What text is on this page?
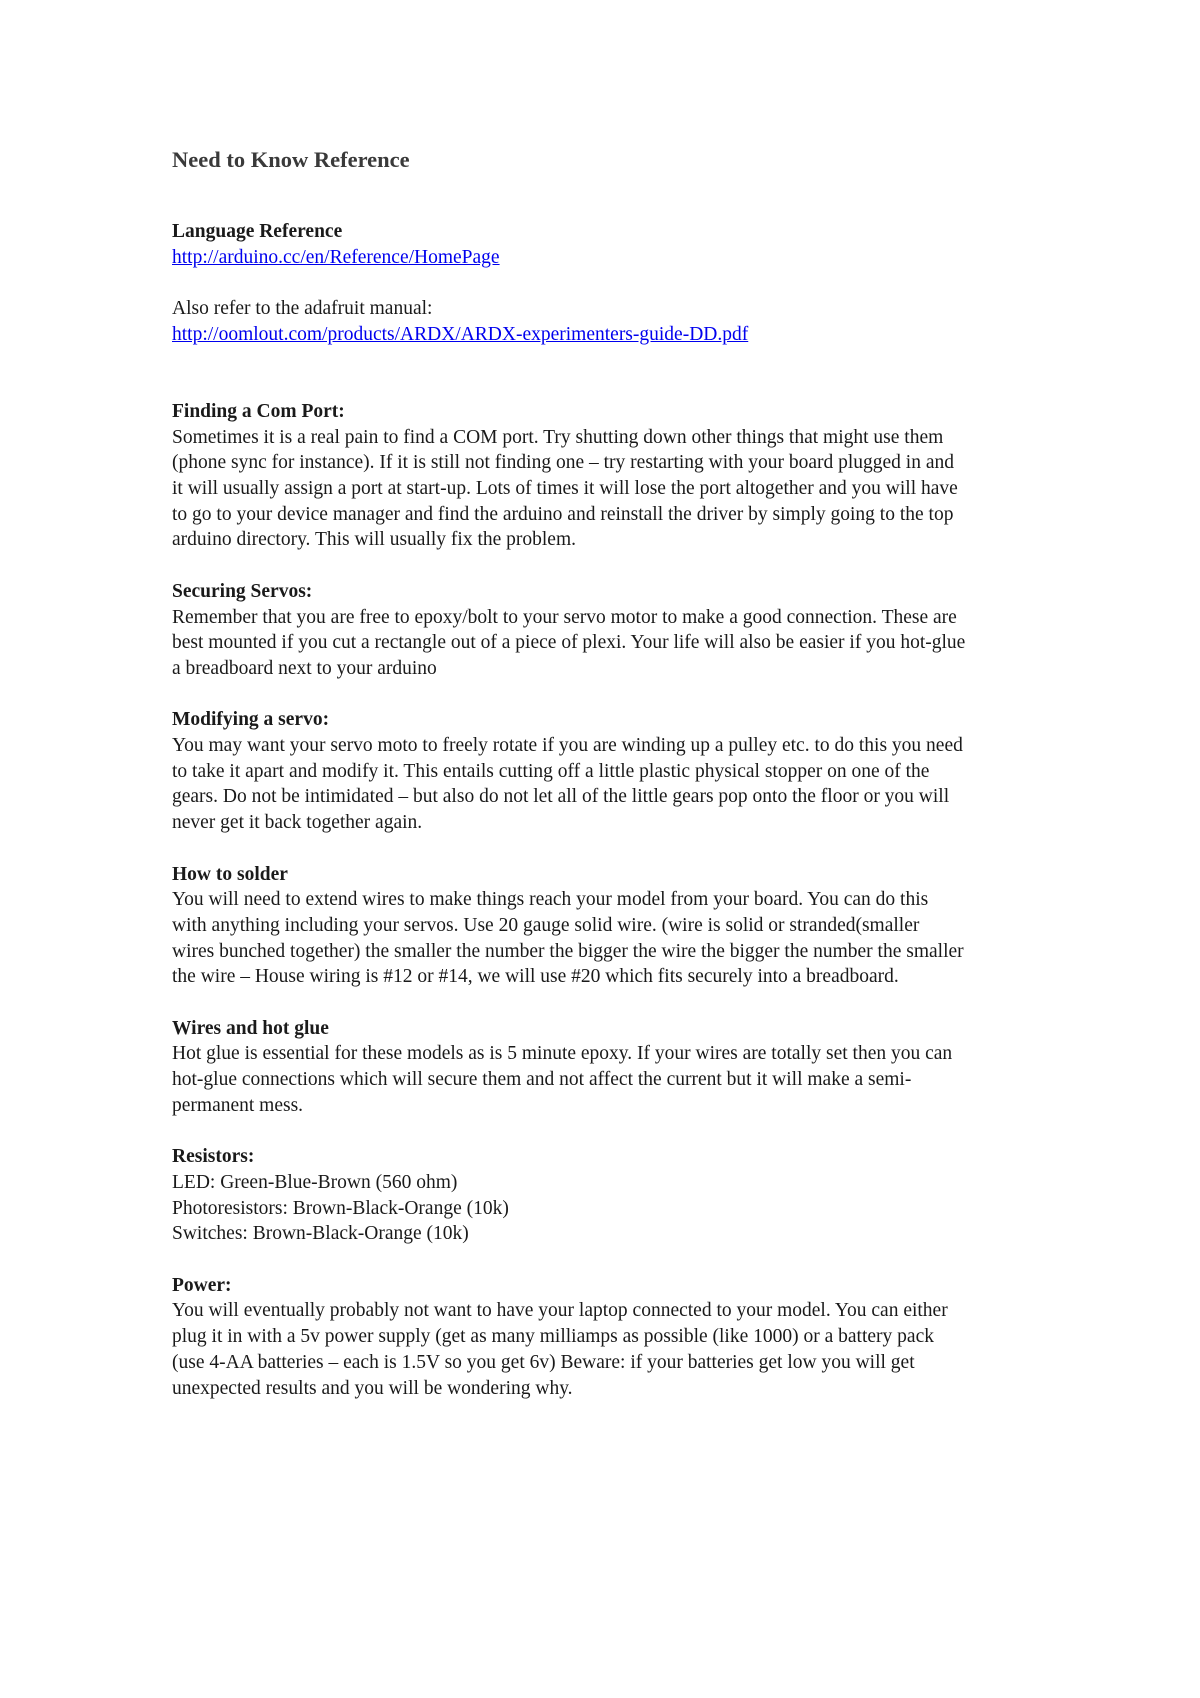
Need to Know Reference
Language Reference
http://arduino.cc/en/Reference/HomePage
Also refer to the adafruit manual:
http://oomlout.com/products/ARDX/ARDX-experimenters-guide-DD.pdf
Finding a Com Port:
Sometimes it is a real pain to find a COM port. Try shutting down other things that might use them
(phone sync for instance). If it is still not finding one – try restarting with your board plugged in and
it will usually assign a port at start-up. Lots of times it will lose the port altogether and you will have
to go to your device manager and find the arduino and reinstall the driver by simply going to the top
arduino directory. This will usually fix the problem.
Securing Servos:
Remember that you are free to epoxy/bolt to your servo motor to make a good connection. These are
best mounted if you cut a rectangle out of a piece of plexi. Your life will also be easier if you hot-glue
a breadboard next to your arduino
Modifying a servo:
You may want your servo moto to freely rotate if you are winding up a pulley etc. to do this you need
to take it apart and modify it. This entails cutting off a little plastic physical stopper on one of the
gears. Do not be intimidated – but also do not let all of the little gears pop onto the floor or you will
never get it back together again.
How to solder
You will need to extend wires to make things reach your model from your board. You can do this
with anything including your servos. Use 20 gauge solid wire. (wire is solid or stranded(smaller
wires bunched together) the smaller the number the bigger the wire the bigger the number the smaller
the wire – House wiring is #12 or #14, we will use #20 which fits securely into a breadboard.
Wires and hot glue
Hot glue is essential for these models as is 5 minute epoxy. If your wires are totally set then you can
hot-glue connections which will secure them and not affect the current but it will make a semi-
permanent mess.
Resistors:
LED: Green-Blue-Brown (560 ohm)
Photoresistors: Brown-Black-Orange (10k)
Switches: Brown-Black-Orange (10k)
Power:
You will eventually probably not want to have your laptop connected to your model. You can either
plug it in with a 5v power supply (get as many milliamps as possible (like 1000) or a battery pack
(use 4-AA batteries – each is 1.5V so you get 6v) Beware: if your batteries get low you will get
unexpected results and you will be wondering why.
